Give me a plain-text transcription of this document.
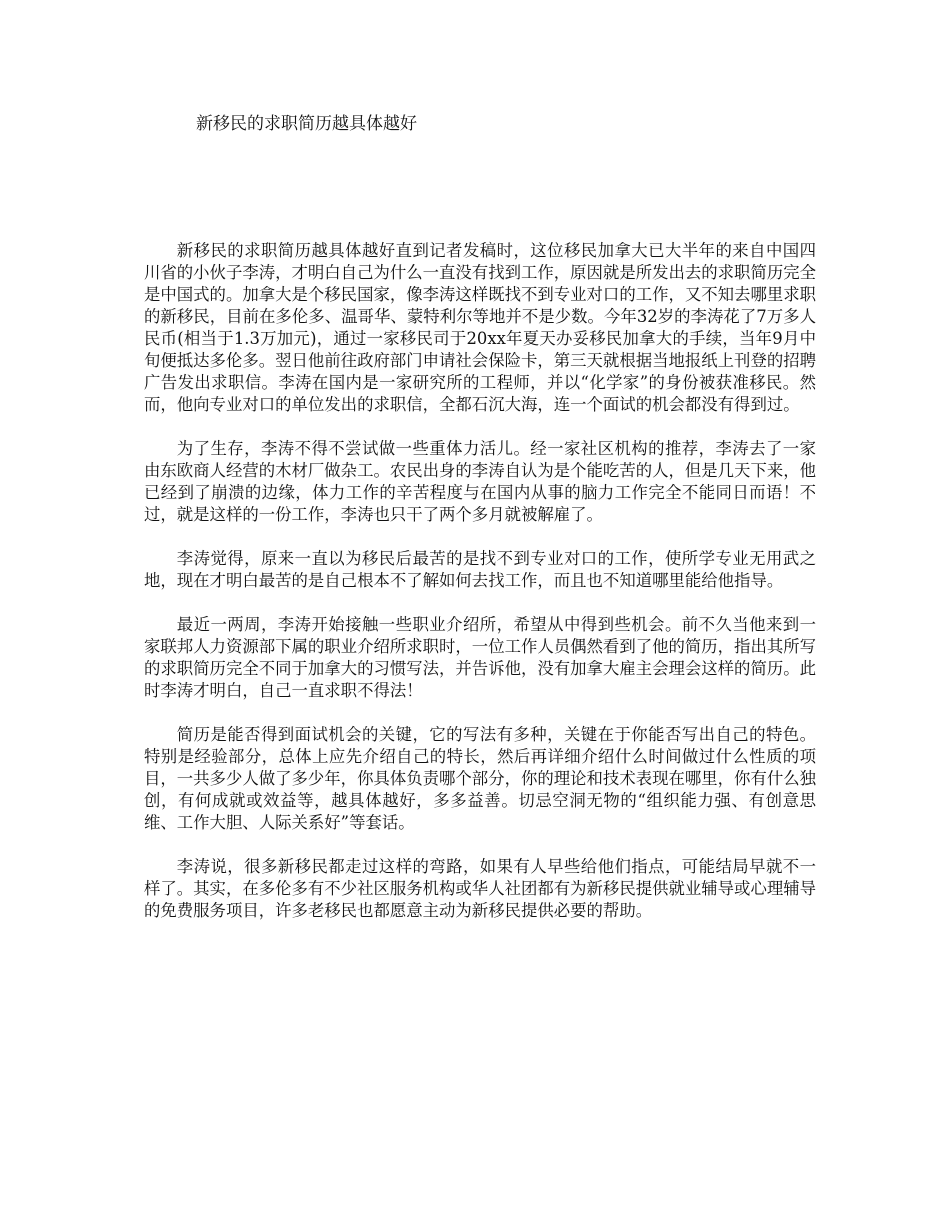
新移民的求职简历越具体越好

新移民的求职简历越具体越好直到记者发稿时，这位移民加拿大已大半年的来自中国四川省的小伙子李涛，才明白自己为什么一直没有找到工作，原因就是所发出去的求职简历完全是中国式的。加拿大是个移民国家，像李涛这样既找不到专业对口的工作，又不知去哪里求职的新移民，目前在多伦多、温哥华、蒙特利尔等地并不是少数。今年32岁的李涛花了7万多人民币(相当于1.3万加元)，通过一家移民司于20xx年夏天办妥移民加拿大的手续，当年9月中旬便抵达多伦多。翌日他前往政府部门申请社会保险卡，第三天就根据当地报纸上刊登的招聘广告发出求职信。李涛在国内是一家研究所的工程师，并以“化学家”的身份被获准移民。然而，他向专业对口的单位发出的求职信，全都石沉大海，连一个面试的机会都没有得到过。

为了生存，李涛不得不尝试做一些重体力活儿。经一家社区机构的推荐，李涛去了一家由东欧商人经营的木材厂做杂工。农民出身的李涛自认为是个能吃苦的人，但是几天下来，他已经到了崩溃的边缘，体力工作的辛苦程度与在国内从事的脑力工作完全不能同日而语！不过，就是这样的一份工作，李涛也只干了两个多月就被解雇了。

李涛觉得，原来一直以为移民后最苦的是找不到专业对口的工作，使所学专业无用武之地，现在才明白最苦的是自己根本不了解如何去找工作，而且也不知道哪里能给他指导。

最近一两周，李涛开始接触一些职业介绍所，希望从中得到些机会。前不久当他来到一家联邦人力资源部下属的职业介绍所求职时，一位工作人员偶然看到了他的简历，指出其所写的求职简历完全不同于加拿大的习惯写法，并告诉他，没有加拿大雇主会理会这样的简历。此时李涛才明白，自己一直求职不得法！

简历是能否得到面试机会的关键，它的写法有多种，关键在于你能否写出自己的特色。特别是经验部分，总体上应先介绍自己的特长，然后再详细介绍什么时间做过什么性质的项目，一共多少人做了多少年，你具体负责哪个部分，你的理论和技术表现在哪里，你有什么独创，有何成就或效益等，越具体越好，多多益善。切忌空洞无物的“组织能力强、有创意思维、工作大胆、人际关系好”等套话。

李涛说，很多新移民都走过这样的弯路，如果有人早些给他们指点，可能结局早就不一样了。其实，在多伦多有不少社区服务机构或华人社团都有为新移民提供就业辅导或心理辅导的免费服务项目，许多老移民也都愿意主动为新移民提供必要的帮助。
